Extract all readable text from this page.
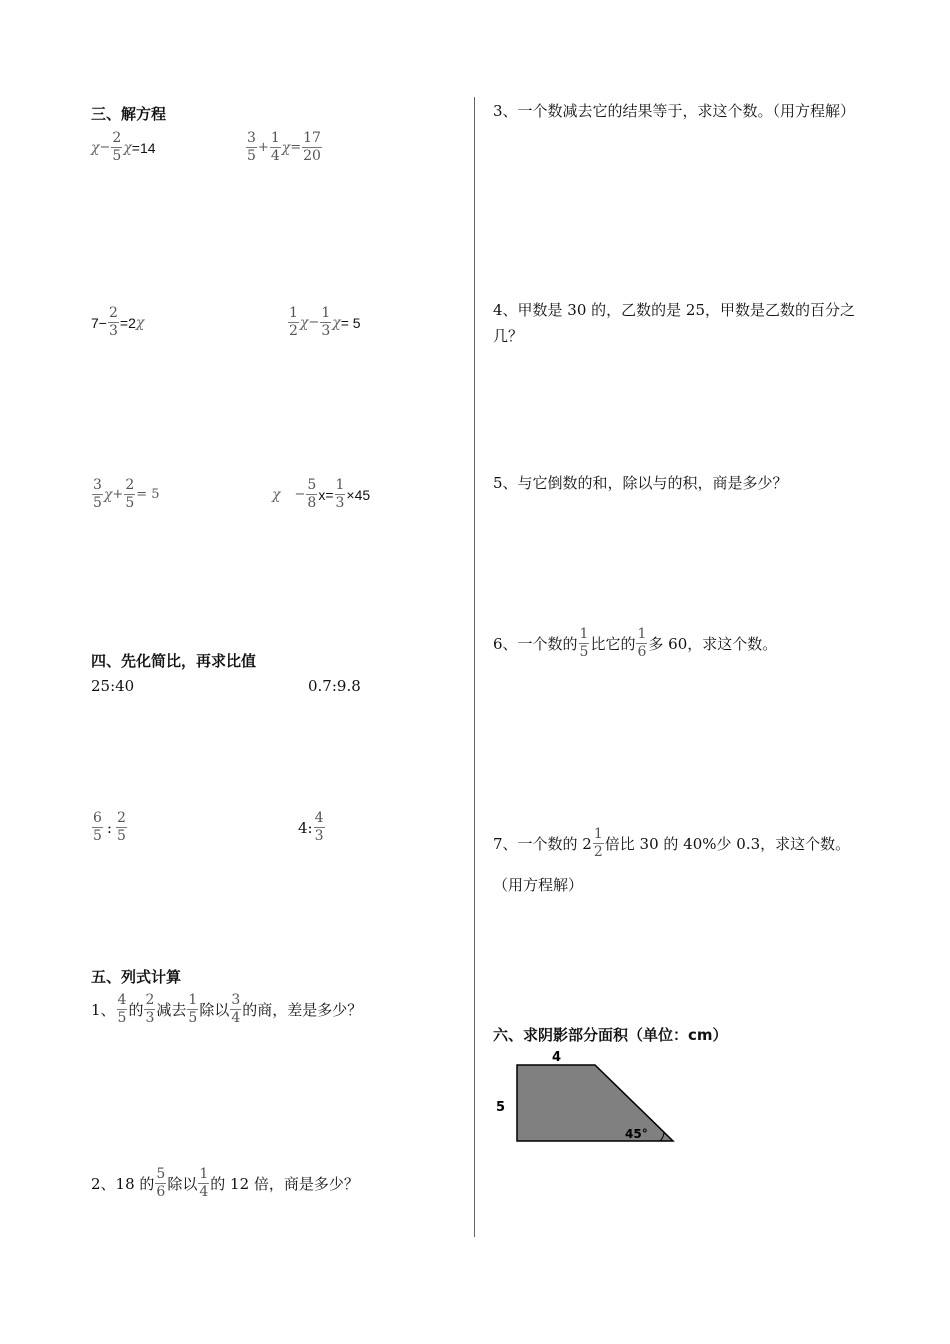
三、解方程
$\chi - \frac{2}{5}$ χ =14	$\frac{3}{5} + \frac{1}{4}$ $\chi = \frac{17}{20}$
$7- \frac{2}{3} =2$ χ	$\frac{1}{2}$ $\chi - \frac{1}{3}$ χ = 5
$\frac{3}{5}$ $\chi + \frac{2}{5} = 5$	$\chi - \frac{5}{8} x= \frac{1}{3} \times 45$
四、先化简比，再求比值
25:40	0.7:9.8
$\frac{6}{5}$ : $\frac{2}{5}$	4: $\frac{4}{3}$
五、列式计算
1、 $\frac{4}{5}$ 的 $\frac{2}{3}$ 减去 $\frac{1}{5}$ 除以 $\frac{3}{4}$ 的商，差是多少？
2、18 的 $\frac{5}{6}$ 除以 $\frac{1}{4}$ 的 12 倍，商是多少？
3、一个数减去它的结果等于，求这个数。（用方程解）
4、甲数是 30 的，乙数的是 25，甲数是乙数的百分之几？
5、与它倒数的和，除以与的积，商是多少？
6、一个数的 $\frac{1}{5}$ 比它的 $\frac{1}{6}$ 多 60，求这个数。
7、一个数的 $2 \frac{1}{2}$ 倍比 30 的 40%少 0.3，求这个数。
（用方程解）
六、求阴影部分面积（单位：cm）
4
5
45°
